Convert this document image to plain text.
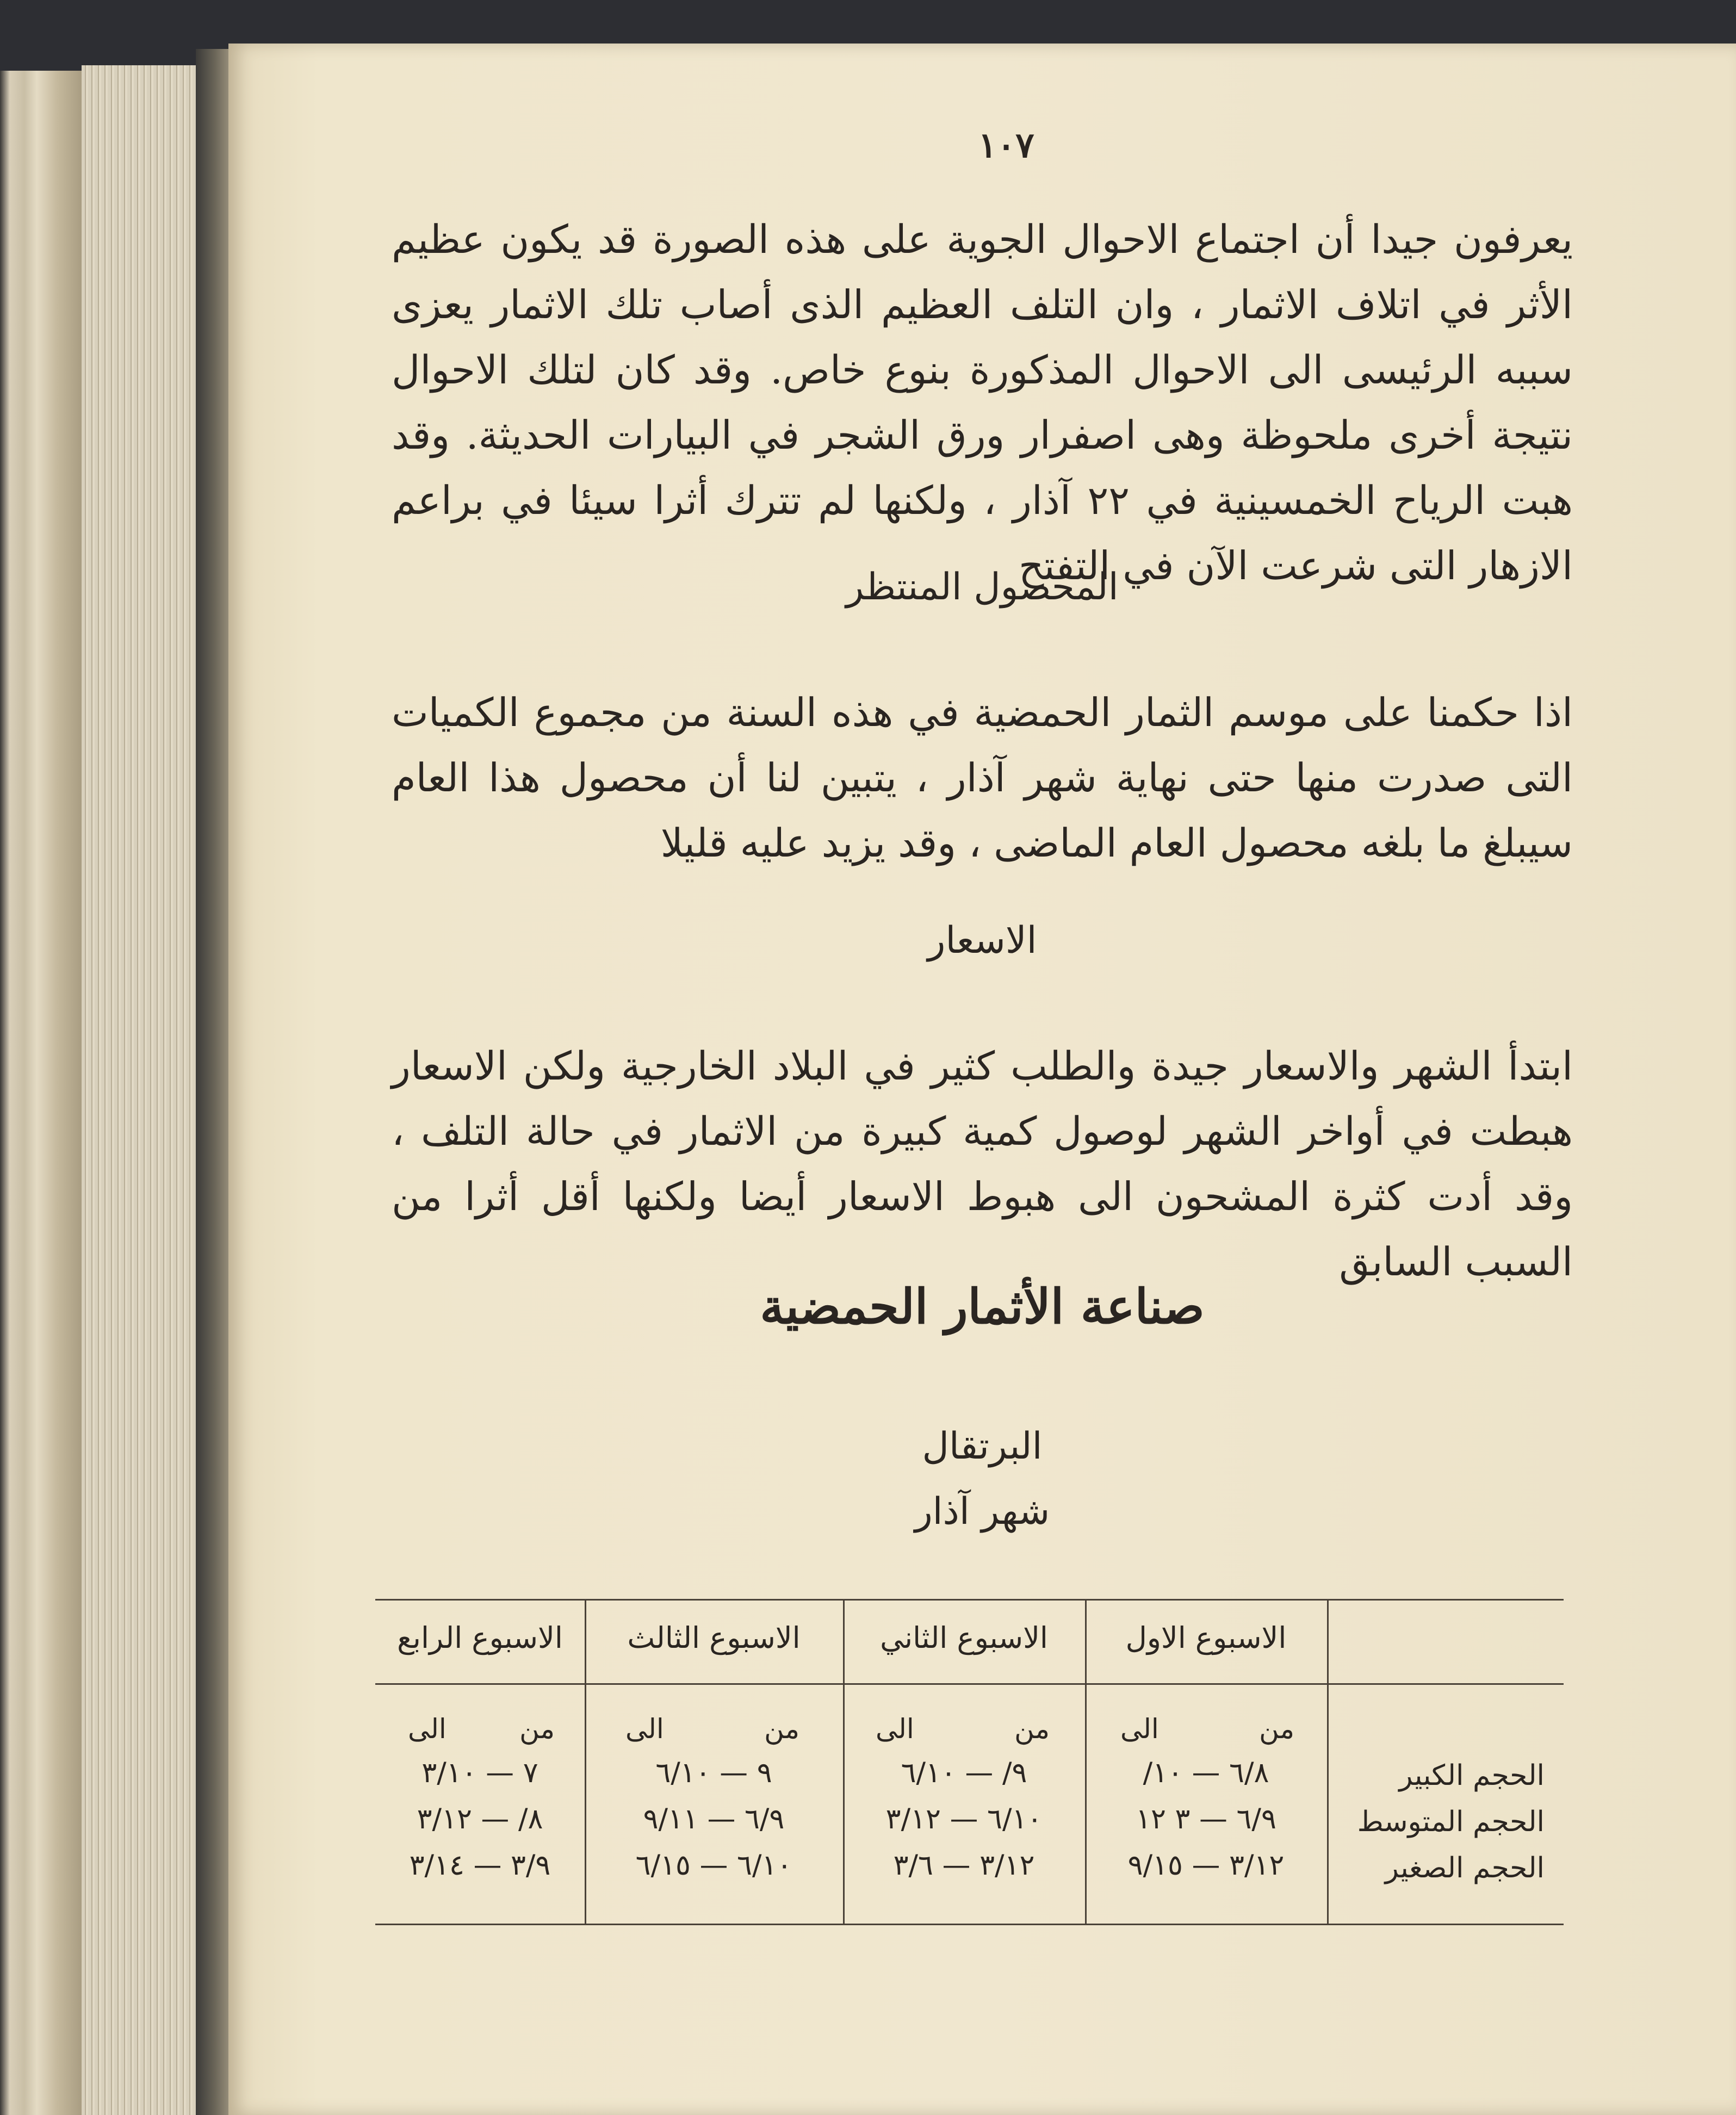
١٠٧
يعرفون جيدا أن اجتماع الاحوال الجوية على هذه الصورة قد يكون عظيم الأثر في اتلاف الاثمار ، وان التلف العظيم الذى أصاب تلك الاثمار يعزى سببه الرئيسى الى الاحوال المذكورة بنوع خاص. وقد كان لتلك الاحوال نتيجة أخرى ملحوظة وهى اصفرار ورق الشجر في البيارات الحديثة. وقد هبت الرياح الخمسينية في ٢٢ آذار ، ولكنها لم تترك أثرا سيئا في براعم الازهار التى شرعت الآن في التفتح
المحصول المنتظر
اذا حكمنا على موسم الثمار الحمضية في هذه السنة من مجموع الكميات التى صدرت منها حتى نهاية شهر آذار ، يتبين لنا أن محصول هذا العام سيبلغ ما بلغه محصول العام الماضى ، وقد يزيد عليه قليلا
الاسعار
ابتدأ الشهر والاسعار جيدة والطلب كثير في البلاد الخارجية ولكن الاسعار هبطت في أواخر الشهر لوصول كمية كبيرة من الاثمار في حالة التلف ، وقد أدت كثرة المشحون الى هبوط الاسعار أيضا ولكنها أقل أثرا من السبب السابق
صناعة الأثمار الحمضية
البرتقال
شهر آذار
الاسبوع الاول
الاسبوع الثاني
الاسبوع الثالث
الاسبوع الرابع
من
الى
من
الى
من
الى
من
الى
الحجم الكبير
الحجم المتوسط
الحجم الصغير
٦/٨ — ١٠/
٩/ — ٦/١٠
٩ — ٦/١٠
٧ — ٣/١٠
٦/٩ — ٣ ١٢
٦/١٠ — ٣/١٢
٦/٩ — ٩/١١
٨/ — ٣/١٢
٣/١٢ — ٩/١٥
٣/١٢ — ٣/٦
٦/١٠ — ٦/١٥
٣/٩ — ٣/١٤
